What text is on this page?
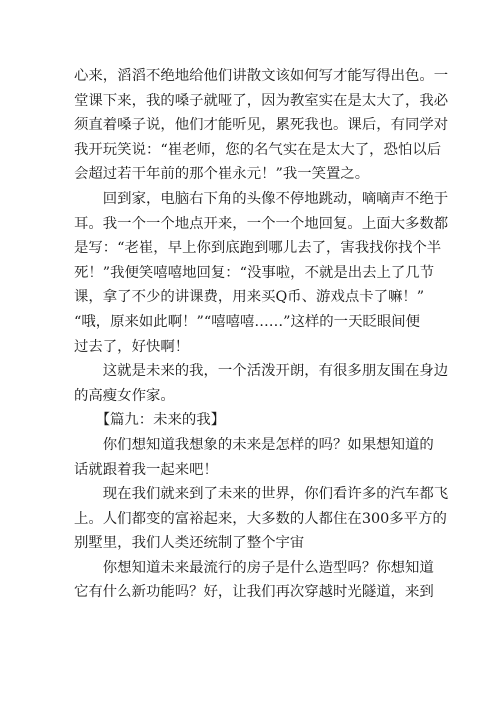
心来，滔滔不绝地给他们讲散文该如何写才能写得出色。一
堂课下来，我的嗓子就哑了，因为教室实在是太大了，我必
须直着嗓子说，他们才能听见，累死我也。课后，有同学对
我开玩笑说：“崔老师，您的名气实在是太大了，恐怕以后
会超过若干年前的那个崔永元！”我一笑置之。
　　回到家，电脑右下角的头像不停地跳动，嘀嘀声不绝于
耳。我一个一个地点开来，一个一个地回复。上面大多数都
是写：“老崔，早上你到底跑到哪儿去了，害我找你找个半
死！”我便笑嘻嘻地回复：“没事啦，不就是出去上了几节
课，拿了不少的讲课费，用来买Q币、游戏点卡了嘛！”
“哦，原来如此啊！”“嘻嘻嘻……”这样的一天眨眼间便
过去了，好快啊！
　　这就是未来的我，一个活泼开朗，有很多朋友围在身边
的高瘦女作家。
　　【篇九：未来的我】
　　你们想知道我想象的未来是怎样的吗？如果想知道的
话就跟着我一起来吧！
　　现在我们就来到了未来的世界，你们看许多的汽车都飞
上。人们都变的富裕起来，大多数的人都住在300多平方的
别墅里，我们人类还统制了整个宇宙
　　你想知道未来最流行的房子是什么造型吗？你想知道
它有什么新功能吗？好，让我们再次穿越时光隧道，来到
